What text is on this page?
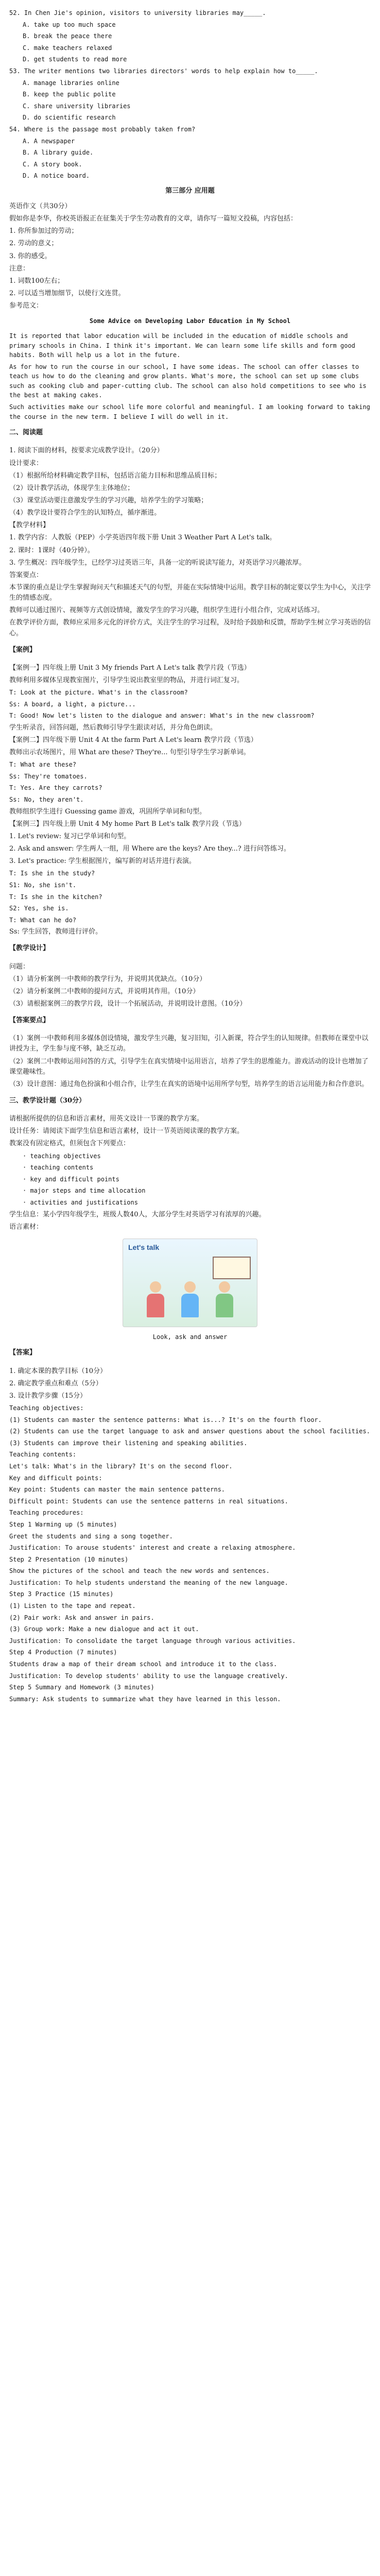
52. In Chen Jie's opinion, visitors to university libraries may_____.

A. take up too much space

B. break the peace there

C. make teachers relaxed

D. get students to read more

53. The writer mentions two libraries directors' words to help explain how to_____.

A. manage libraries online

B. keep the public polite

C. share university libraries

D. do scientific research

54. Where is the passage most probably taken from?

A. A newspaper

B. A library guide.

C. A story book.

D. A notice board.

第三部分 应用题

英语作文（共30分）

假如你是李华，你校英语报正在征集关于学生劳动教育的文章，请你写一篇短文投稿，内容包括：

1. 你所参加过的劳动；

2. 劳动的意义；

3. 你的感受。

注意：

1. 词数100左右；

2. 可以适当增加细节，以使行文连贯。

参考范文：

Some Advice on Developing Labor Education in My School

It is reported that labor education will be included in the education of middle schools and primary schools in China. I think it's important. We can learn some life skills and form good habits. Both will help us a lot in the future.

As for how to run the course in our school, I have some ideas. The school can offer classes to teach us how to do the cleaning and grow plants. What's more, the school can set up some clubs such as cooking club and paper-cutting club. The school can also hold competitions to see who is the best at making cakes.

Such activities make our school life more colorful and meaningful. I am looking forward to taking the course in the new term. I believe I will do well in it.

二、阅读题

1. 阅读下面的材料，按要求完成教学设计。（20分）

设计要求：

（1）根据所给材料确定教学目标，包括语言能力目标和思维品质目标；

（2）设计教学活动，体现学生主体地位；

（3）课堂活动要注意激发学生的学习兴趣，培养学生的学习策略；

（4）教学设计要符合学生的认知特点，循序渐进。

【教学材料】

1. 教学内容：人教版（PEP）小学英语四年级下册 Unit 3 Weather Part A Let's talk。

2. 课时：1课时（40分钟）。

3. 学生概况：四年级学生，已经学习过英语三年，具备一定的听说读写能力，对英语学习兴趣浓厚。

答案要点：

本节课的重点是让学生掌握询问天气和描述天气的句型，并能在实际情境中运用。教学目标的制定要以学生为中心，关注学生的情感态度。

教师可以通过图片、视频等方式创设情境，激发学生的学习兴趣，组织学生进行小组合作，完成对话练习。

在教学评价方面，教师应采用多元化的评价方式，关注学生的学习过程，及时给予鼓励和反馈，帮助学生树立学习英语的信心。

【案例】

【案例一】四年级上册 Unit 3 My friends Part A Let's talk 教学片段（节选）

教师利用多媒体呈现教室图片，引导学生说出教室里的物品，并进行词汇复习。

T: Look at the picture. What's in the classroom?

Ss: A board, a light, a picture...

T: Good! Now let's listen to the dialogue and answer: What's in the new classroom?

学生听录音，回答问题，然后教师引导学生跟读对话，并分角色朗读。

【案例二】四年级下册 Unit 4 At the farm Part A Let's learn 教学片段（节选）

教师出示农场图片，用 What are these? They're... 句型引导学生学习新单词。

T: What are these?

Ss: They're tomatoes.

T: Yes. Are they carrots?

Ss: No, they aren't.

教师组织学生进行 Guessing game 游戏，巩固所学单词和句型。

【案例三】四年级上册 Unit 4 My home Part B Let's talk 教学片段（节选）

1. Let's review: 复习已学单词和句型。

2. Ask and answer: 学生两人一组，用 Where are the keys? Are they...? 进行问答练习。

3. Let's practice: 学生根据图片，编写新的对话并进行表演。

T: Is she in the study?

S1: No, she isn't.

T: Is she in the kitchen?

S2: Yes, she is.

T: What can he do?

Ss: 学生回答，教师进行评价。

【教学设计】

问题：

（1）请分析案例一中教师的教学行为，并说明其优缺点。（10分）

（2）请分析案例二中教师的提问方式，并说明其作用。（10分）

（3）请根据案例三的教学片段，设计一个拓展活动，并说明设计意图。（10分）

【答案要点】

（1）案例一中教师利用多媒体创设情境，激发学生兴趣，复习旧知，引入新课，符合学生的认知规律。但教师在课堂中以讲授为主，学生参与度不够，缺乏互动。

（2）案例二中教师运用问答的方式，引导学生在真实情境中运用语言，培养了学生的思维能力。游戏活动的设计也增加了课堂趣味性。

（3）设计意图：通过角色扮演和小组合作，让学生在真实的语境中运用所学句型，培养学生的语言运用能力和合作意识。

三、教学设计题（30分）

请根据所提供的信息和语言素材，用英文设计一节课的教学方案。

设计任务：请阅读下面学生信息和语言素材，设计一节英语阅读课的教学方案。

教案没有固定格式，但须包含下列要点：

· teaching objectives

· teaching contents

· key and difficult points

· major steps and time allocation

· activities and justifications

学生信息：某小学四年级学生，班级人数40人，大部分学生对英语学习有浓厚的兴趣。

语言素材：

Let's talk

Look, ask and answer

【答案】

1. 确定本课的教学目标（10分）

2. 确定教学重点和难点（5分）

3. 设计教学步骤（15分）

Teaching objectives:

(1) Students can master the sentence patterns: What is...? It's on the fourth floor.

(2) Students can use the target language to ask and answer questions about the school facilities.

(3) Students can improve their listening and speaking abilities.

Teaching contents:

Let's talk: What's in the library? It's on the second floor.

Key and difficult points:

Key point: Students can master the main sentence patterns.

Difficult point: Students can use the sentence patterns in real situations.

Teaching procedures:

Step 1 Warming up (5 minutes)

Greet the students and sing a song together.

Justification: To arouse students' interest and create a relaxing atmosphere.

Step 2 Presentation (10 minutes)

Show the pictures of the school and teach the new words and sentences.

Justification: To help students understand the meaning of the new language.

Step 3 Practice (15 minutes)

(1) Listen to the tape and repeat.

(2) Pair work: Ask and answer in pairs.

(3) Group work: Make a new dialogue and act it out.

Justification: To consolidate the target language through various activities.

Step 4 Production (7 minutes)

Students draw a map of their dream school and introduce it to the class.

Justification: To develop students' ability to use the language creatively.

Step 5 Summary and Homework (3 minutes)

Summary: Ask students to summarize what they have learned in this lesson.
